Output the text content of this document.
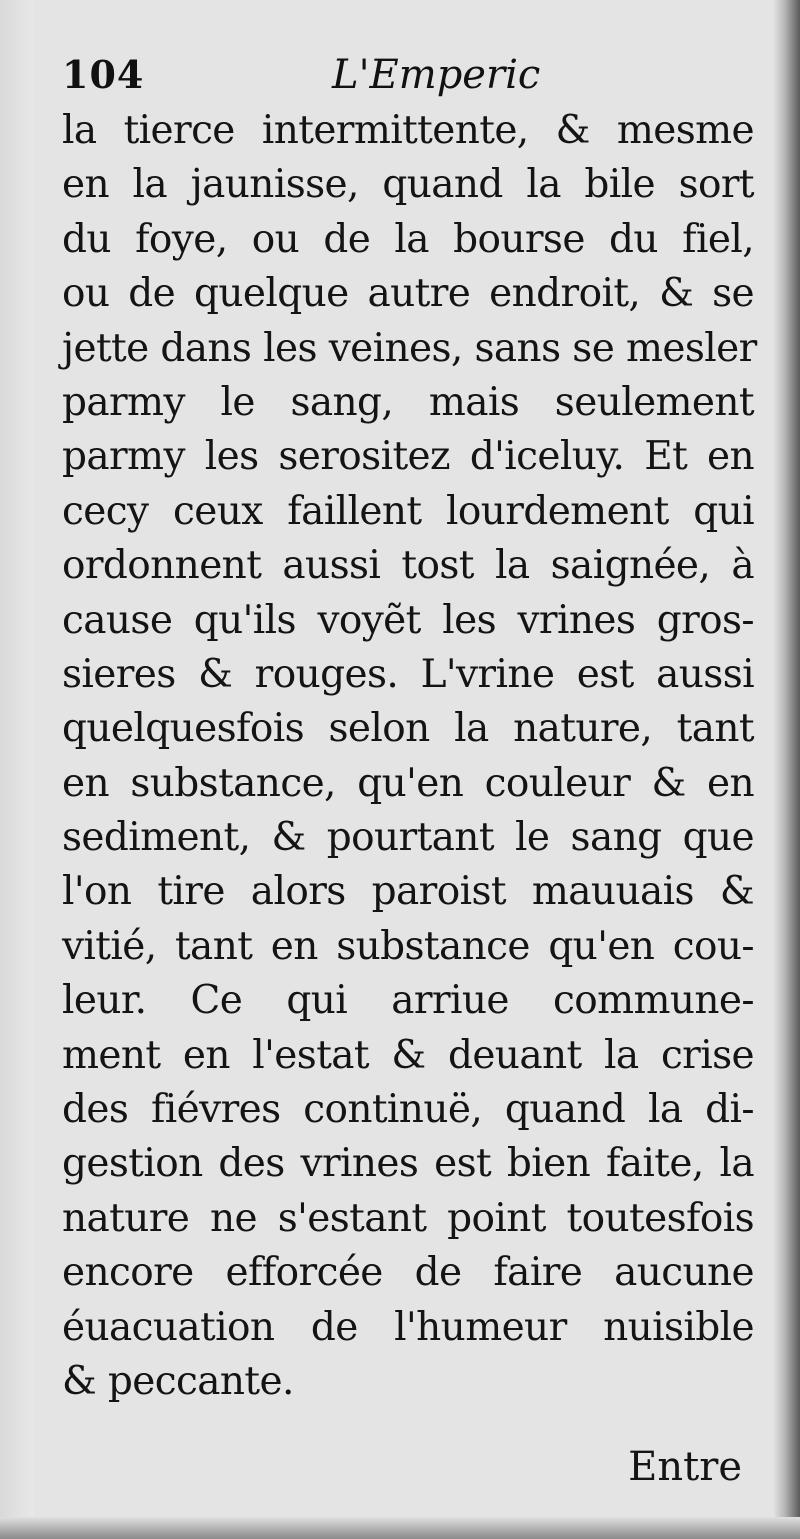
104	L'Emperic
la tierce intermittente, & mesme
en la jaunisse, quand la bile sort
du foye, ou de la bourse du fiel,
ou de quelque autre endroit, & se
jette dans les veines, sans se mesler
parmy le sang, mais seulement
parmy les serositez d'iceluy. Et en
cecy ceux faillent lourdement qui
ordonnent aussi tost la saignée, à
cause qu'ils voyẽt les vrines gros-
sieres & rouges. L'vrine est aussi
quelquesfois selon la nature, tant
en substance, qu'en couleur & en
sediment, & pourtant le sang que
l'on tire alors paroist mauuais &
vitié, tant en substance qu'en cou-
leur. Ce qui arriue commune-
ment en l'estat & deuant la crise
des fiévres continuë, quand la di-
gestion des vrines est bien faite, la
nature ne s'estant point toutesfois
encore efforcée de faire aucune
éuacuation de l'humeur nuisible
& peccante.
Entre
